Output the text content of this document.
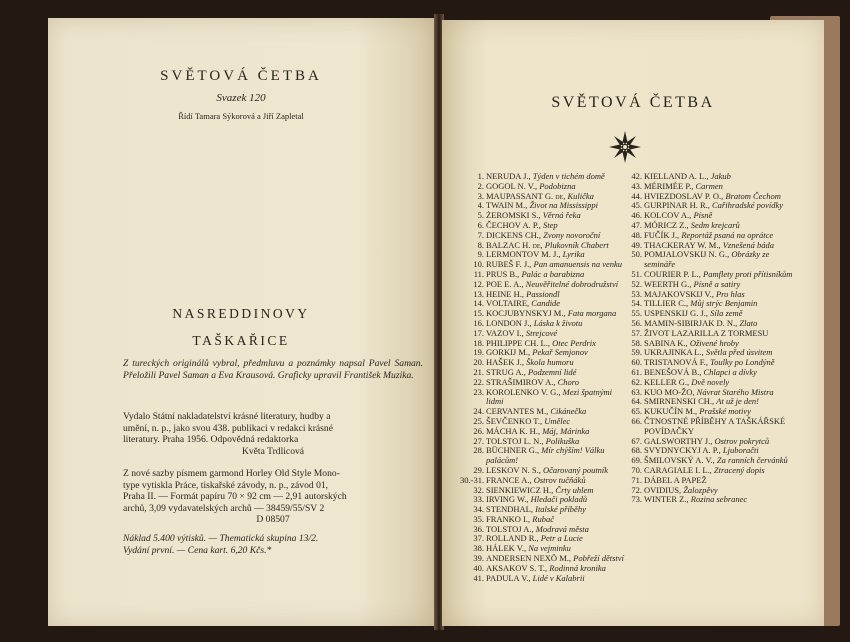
SVĚTOVÁ ČETBA
Svazek 120
Řídí Tamara Sýkorová a Jiří Zapletal
NASREDDINOVY
TAŠKAŘICE
Z tureckých originálů vybral, předmluvu a poznámky napsal Pavel Saman. Přeložili Pavel Saman a Eva Krausová. Graficky upravil František Muzika.
Vydalo Státní nakladatelství krásné literatury, hudby a
umění, n. p., jako svou 438. publikaci v redakci krásné
literatury. Praha 1956. Odpovědná redaktorka
Květa Trdlicová
Z nové sazby písmem garmond Horley Old Style Mono-
type vytiskla Práce, tiskařské závody, n. p., závod 01,
Praha II. — Formát papíru 70 × 92 cm — 2,91 autorských
archů, 3,09 vydavatelských archů — 38459/55/SV 2
D 08507
Náklad 5.400 výtisků. — Thematická skupina 13/2.
Vydání první. — Cena kart. 6,20 Kčs.*
SVĚTOVÁ ČETBA
1. NERUDA J., Týden v tichém domě
2. GOGOL N. V., Podobizna
3. MAUPASSANT G. de, Kulička
4. TWAIN M., Život na Mississippi
5. ŻEROMSKI S., Věrná řeka
6. ČECHOV A. P., Step
7. DICKENS CH., Zvony novoroční
8. BALZAC H. de, Plukovník Chabert
9. LERMONTOV M. J., Lyrika
10. RUBEŠ F. J., Pan amanuensis na venku
11. PRUS B., Palác a barabizna
12. POE E. A., Neuvěřitelné dobrodružství
13. HEINE H., Passiondl
14. VOLTAIRE, Candide
15. KOCJUBYNSKYJ M., Fata morgana
16. LONDON J., Láska k životu
17. VAZOV I., Strejcové
18. PHILIPPE CH. L., Otec Perdrix
19. GORKIJ M., Pekař Semjonov
20. HAŠEK J., Škola humoru
21. STRUG A., Podzemní lidé
22. STRAŠIMIROV A., Choro
23. KOROLENKO V. G., Mezi špatnými lidmi
24. CERVANTES M., Cikánečka
25. ŠEVČENKO T., Umělec
26. MÁCHA K. H., Máj, Márinka
27. TOLSTOJ L. N., Polikuška
28. BÜCHNER G., Mír chýším! Válku palácům!
29. LESKOV N. S., Očarovaný poutník
30.-31. FRANCE A., Ostrov tučňáků
32. SIENKIEWICZ H., Črty uhlem
33. IRVING W., Hledači pokladů
34. STENDHAL, Italské příběhy
35. FRANKO I., Rubač
36. TOLSTOJ A., Modravá města
37. ROLLAND R., Petr a Lucie
38. HÁLEK V., Na vejminku
39. ANDERSEN NEXÖ M., Pobřeží dětství
40. AKSAKOV S. T., Rodinná kronika
41. PADULA V., Lidé v Kalabrii
42. KIELLAND A. L., Jakub
43. MÉRIMÉE P., Carmen
44. HVIEZDOSLAV P. O., Bratom Čechom
45. GURPINAR H. R., Cařihradské povídky
46. KOLCOV A., Písně
47. MÓRICZ Z., Sedm krejcarů
48. FUČÍK J., Reportáž psaná na oprátce
49. THACKERAY W. M., Vznešená báda
50. POMJALOVSKIJ N. G., Obrázky ze semináře
51. COURIER P. L., Pamflety proti přítisníkům
52. WEERTH G., Písně a satiry
53. MAJAKOVSKIJ V., Pro hlas
54. TILLIER C., Můj strýc Benjamin
55. USPENSKIJ G. J., Síla země
56. MAMIN-SIBIRJAK D. N., Zlato
57. ŽIVOT LAZARILLA Z TORMESU
58. SABINA K., Oživené hroby
59. UKRAJINKA L., Světla před úsvitem
60. TRISTANOVÁ F., Toulky po Londýně
61. BENEŠOVÁ B., Chlapci a dívky
62. KELLER G., Dvě novely
63. KUO MO-ŽO, Návrat Starého Mistra
64. SMIRNENSKI CH., At už je den!
65. KUKUČÍN M., Prašské motivy
66. ČTNOSTNÉ PŘÍBĚHY A TAŠKÁŘSKÉ POVÍDAČKY
67. GALSWORTHY J., Ostrov pokrytců
68. SVYDNYCKYJ A. P., Ljuboračti
69. ŠMILOVSKÝ A. V., Za ranních červánků
70. CARAGIALE I. L., Ztracený dopis
71. DÁBEL A PAPEŽ
72. OVIDIUS, Žalozpěvy
73. WINTER Z., Rozina sebranec
